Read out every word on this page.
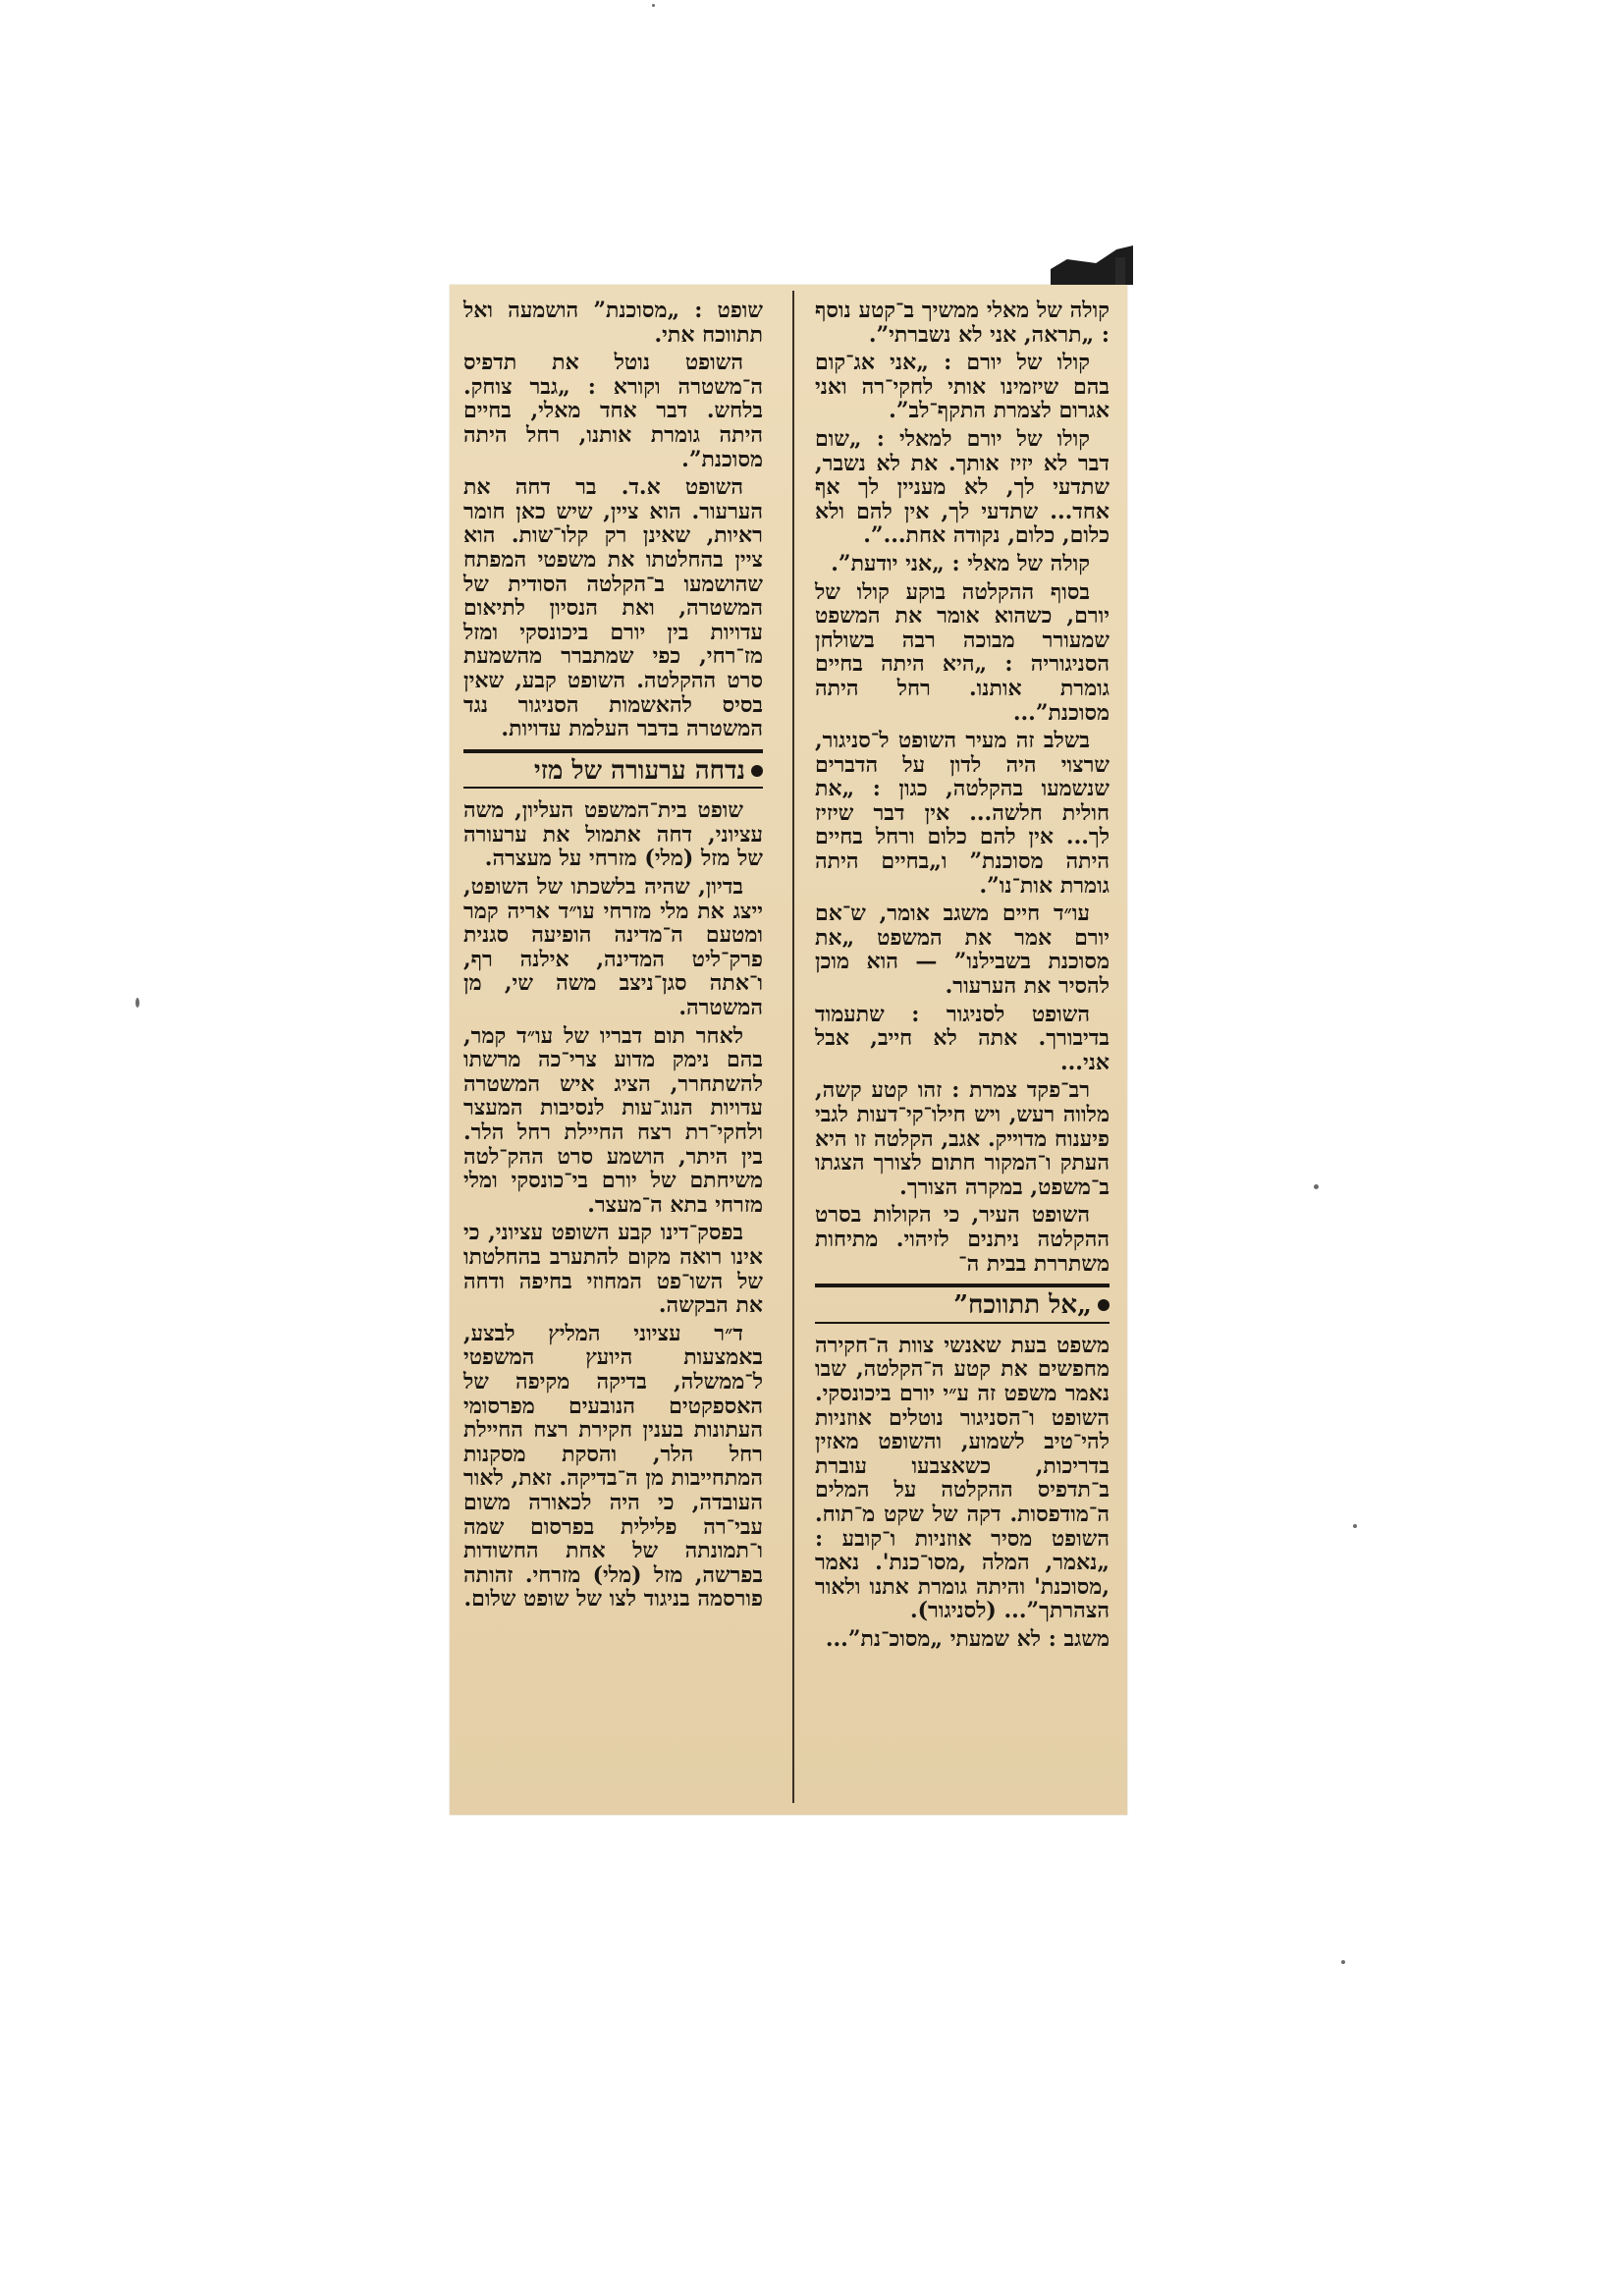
קולה של מאלי ממשיך ב־קטע נוסף : „תראה, אני לא נשברתי”.

קולו של יורם : „אני אג־קום בהם שיזמינו אותי לחקי־רה ואני אגרום לצמרת התקף־לב”.

קולו של יורם למאלי : „שום דבר לא יזיז אותך. את לא נשבר, שתדעי לך, לא מעניין לך אף אחד... שתדעי לך, אין להם ולא כלום, כלום, נקודה אחת...”.

קולה של מאלי : „אני יודעת”.

בסוף ההקלטה בוקע קולו של יורם, כשהוא אומר את המשפט שמעורר מבוכה רבה בשולחן הסניגוריה : „היא היתה בחיים גומרת אותנו. רחל היתה מסוכנת”...

בשלב זה מעיר השופט ל־סניגור, שרצוי היה לדון על הדברים שנשמעו בהקלטה, כגון : „את חולית חלשה... אין דבר שיזיז לך... אין להם כלום ורחל בחיים היתה מסוכנת” ו„בחיים היתה גומרת אות־נו”.

עו״ד חיים משגב אומר, ש־אם יורם אמר את המשפט „את מסוכנת בשבילנו” — הוא מוכן להסיר את הערעור.

השופט לסניגור : שתעמוד בדיבורך. אתה לא חייב, אבל אני...

רב־פקד צמרת : זהו קטע קשה, מלווה רעש, ויש חילו־קי־דעות לגבי פיענוח מדוייק. אגב, הקלטה זו היא העתק ו־המקור חתום לצורך הצגתו ב־משפט, במקרה הצורך.

השופט העיר, כי הקולות בסרט ההקלטה ניתנים לזיהוי. מתיחות משתררת בבית ה־

„אל תתווכח”

משפט בעת שאנשי צוות ה־חקירה מחפשים את קטע ה־הקלטה, שבו נאמר משפט זה ע״י יורם ביכונסקי. השופט ו־הסניגור נוטלים אוזניות להי־טיב לשמוע, והשופט מאזין בדריכות, כשאצבעו עוברת ב־תדפיס ההקלטה על המלים ה־מודפסות. דקה של שקט מ־תוח. השופט מסיר אוזניות ו־קובע : „נאמר, המלה ,מסו־כנת'. נאמר ,מסוכנת' והיתה גומרת אתנו ולאור הצהרתך”... (לסניגור).

משגב : לא שמעתי „מסוכ־נת”...

שופט : „מסוכנת” הושמעה ואל תתווכח אתי.

השופט נוטל את תדפיס ה־משטרה וקורא : „גבר צוחק. בלחש. דבר אחד מאלי, בחיים היתה גומרת אותנו, רחל היתה מסוכנת”.

השופט א.ד. בר דחה את הערעור. הוא ציין, שיש כאן חומר ראיות, שאינן רק קלו־שות. הוא ציין בהחלטתו את משפטי המפתח שהושמעו ב־הקלטה הסודית של המשטרה, ואת הנסיון לתיאום עדויות בין יורם ביכונסקי ומזל מז־רחי, כפי שמתברר מהשמעת סרט ההקלטה. השופט קבע, שאין בסיס להאשמות הסניגור נגד המשטרה בדבר העלמת עדויות.

נדחה ערעורה של מזי

שופט בית־המשפט העליון, משה עציוני, דחה אתמול את ערעורה של מזל (מלי) מזרחי על מעצרה.

בדיון, שהיה בלשכתו של השופט, ייצג את מלי מזרחי עו״ד אריה קמר ומטעם ה־מדינה הופיעה סגנית פרק־ליט המדינה, אילנה רף, ו־אתה סגן־ניצב משה שי, מן המשטרה.

לאחר תום דבריו של עו״ד קמר, בהם נימק מדוע צרי־כה מרשתו להשתחרר, הציג איש המשטרה עדויות הנוג־עות לנסיבות המעצר ולחקי־רת רצח החיילת רחל הלר. בין היתר, הושמע סרט ההק־לטה משיחתם של יורם בי־כונסקי ומלי מזרחי בתא ה־מעצר.

בפסק־דינו קבע השופט עציוני, כי אינו רואה מקום להתערב בהחלטתו של השו־פט המחוזי בחיפה ודחה את הבקשה.

ד״ר עציוני המליץ לבצע, באמצעות היועץ המשפטי ל־ממשלה, בדיקה מקיפה של האספקטים הנובעים מפרסומי העתונות בענין חקירת רצח החיילת רחל הלר, והסקת מסקנות המתחייבות מן ה־בדיקה. זאת, לאור העובדה, כי היה לכאורה משום עבי־רה פלילית בפרסום שמה ו־תמונתה של אחת החשודות בפרשה, מזל (מלי) מזרחי. זהותה פורסמה בניגוד לצו של שופט שלום.
